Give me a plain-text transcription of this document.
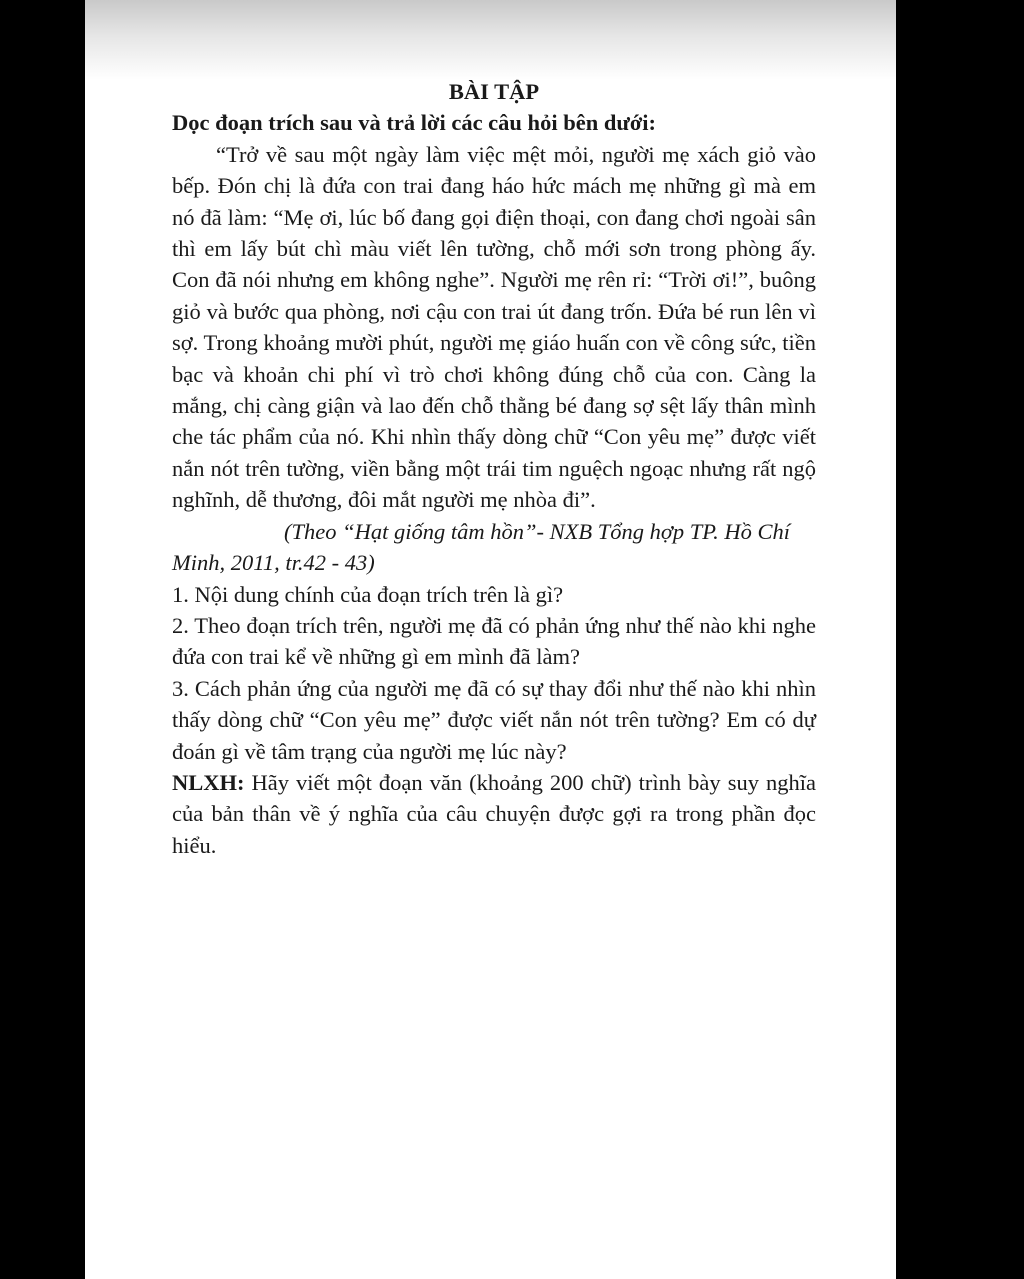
BÀI TẬP

Dọc đoạn trích sau và trả lời các câu hỏi bên dưới:

“Trở về sau một ngày làm việc mệt mỏi, người mẹ xách giỏ vào bếp. Đón chị là đứa con trai đang háo hức mách mẹ những gì mà em nó đã làm: “Mẹ ơi, lúc bố đang gọi điện thoại, con đang chơi ngoài sân thì em lấy bút chì màu viết lên tường, chỗ mới sơn trong phòng ấy. Con đã nói nhưng em không nghe”. Người mẹ rên rỉ: “Trời ơi!”, buông giỏ và bước qua phòng, nơi cậu con trai út đang trốn. Đứa bé run lên vì sợ. Trong khoảng mười phút, người mẹ giáo huấn con về công sức, tiền bạc và khoản chi phí vì trò chơi không đúng chỗ của con. Càng la mắng, chị càng giận và lao đến chỗ thằng bé đang sợ sệt lấy thân mình che tác phẩm của nó. Khi nhìn thấy dòng chữ “Con yêu mẹ” được viết nắn nót trên tường, viền bằng một trái tim nguệch ngoạc nhưng rất ngộ nghĩnh, dễ thương, đôi mắt người mẹ nhòa đi”.

(Theo “Hạt giống tâm hồn”- NXB Tổng hợp TP. Hồ Chí Minh, 2011, tr.42 - 43)

1. Nội dung chính của đoạn trích trên là gì?

2. Theo đoạn trích trên, người mẹ đã có phản ứng như thế nào khi nghe đứa con trai kể về những gì em mình đã làm?

3. Cách phản ứng của người mẹ đã có sự thay đổi như thế nào khi nhìn thấy dòng chữ “Con yêu mẹ” được viết nắn nót trên tường? Em có dự đoán gì về tâm trạng của người mẹ lúc này?

NLXH: Hãy viết một đoạn văn (khoảng 200 chữ) trình bày suy nghĩa của bản thân về ý nghĩa của câu chuyện được gợi ra trong phần đọc hiểu.
